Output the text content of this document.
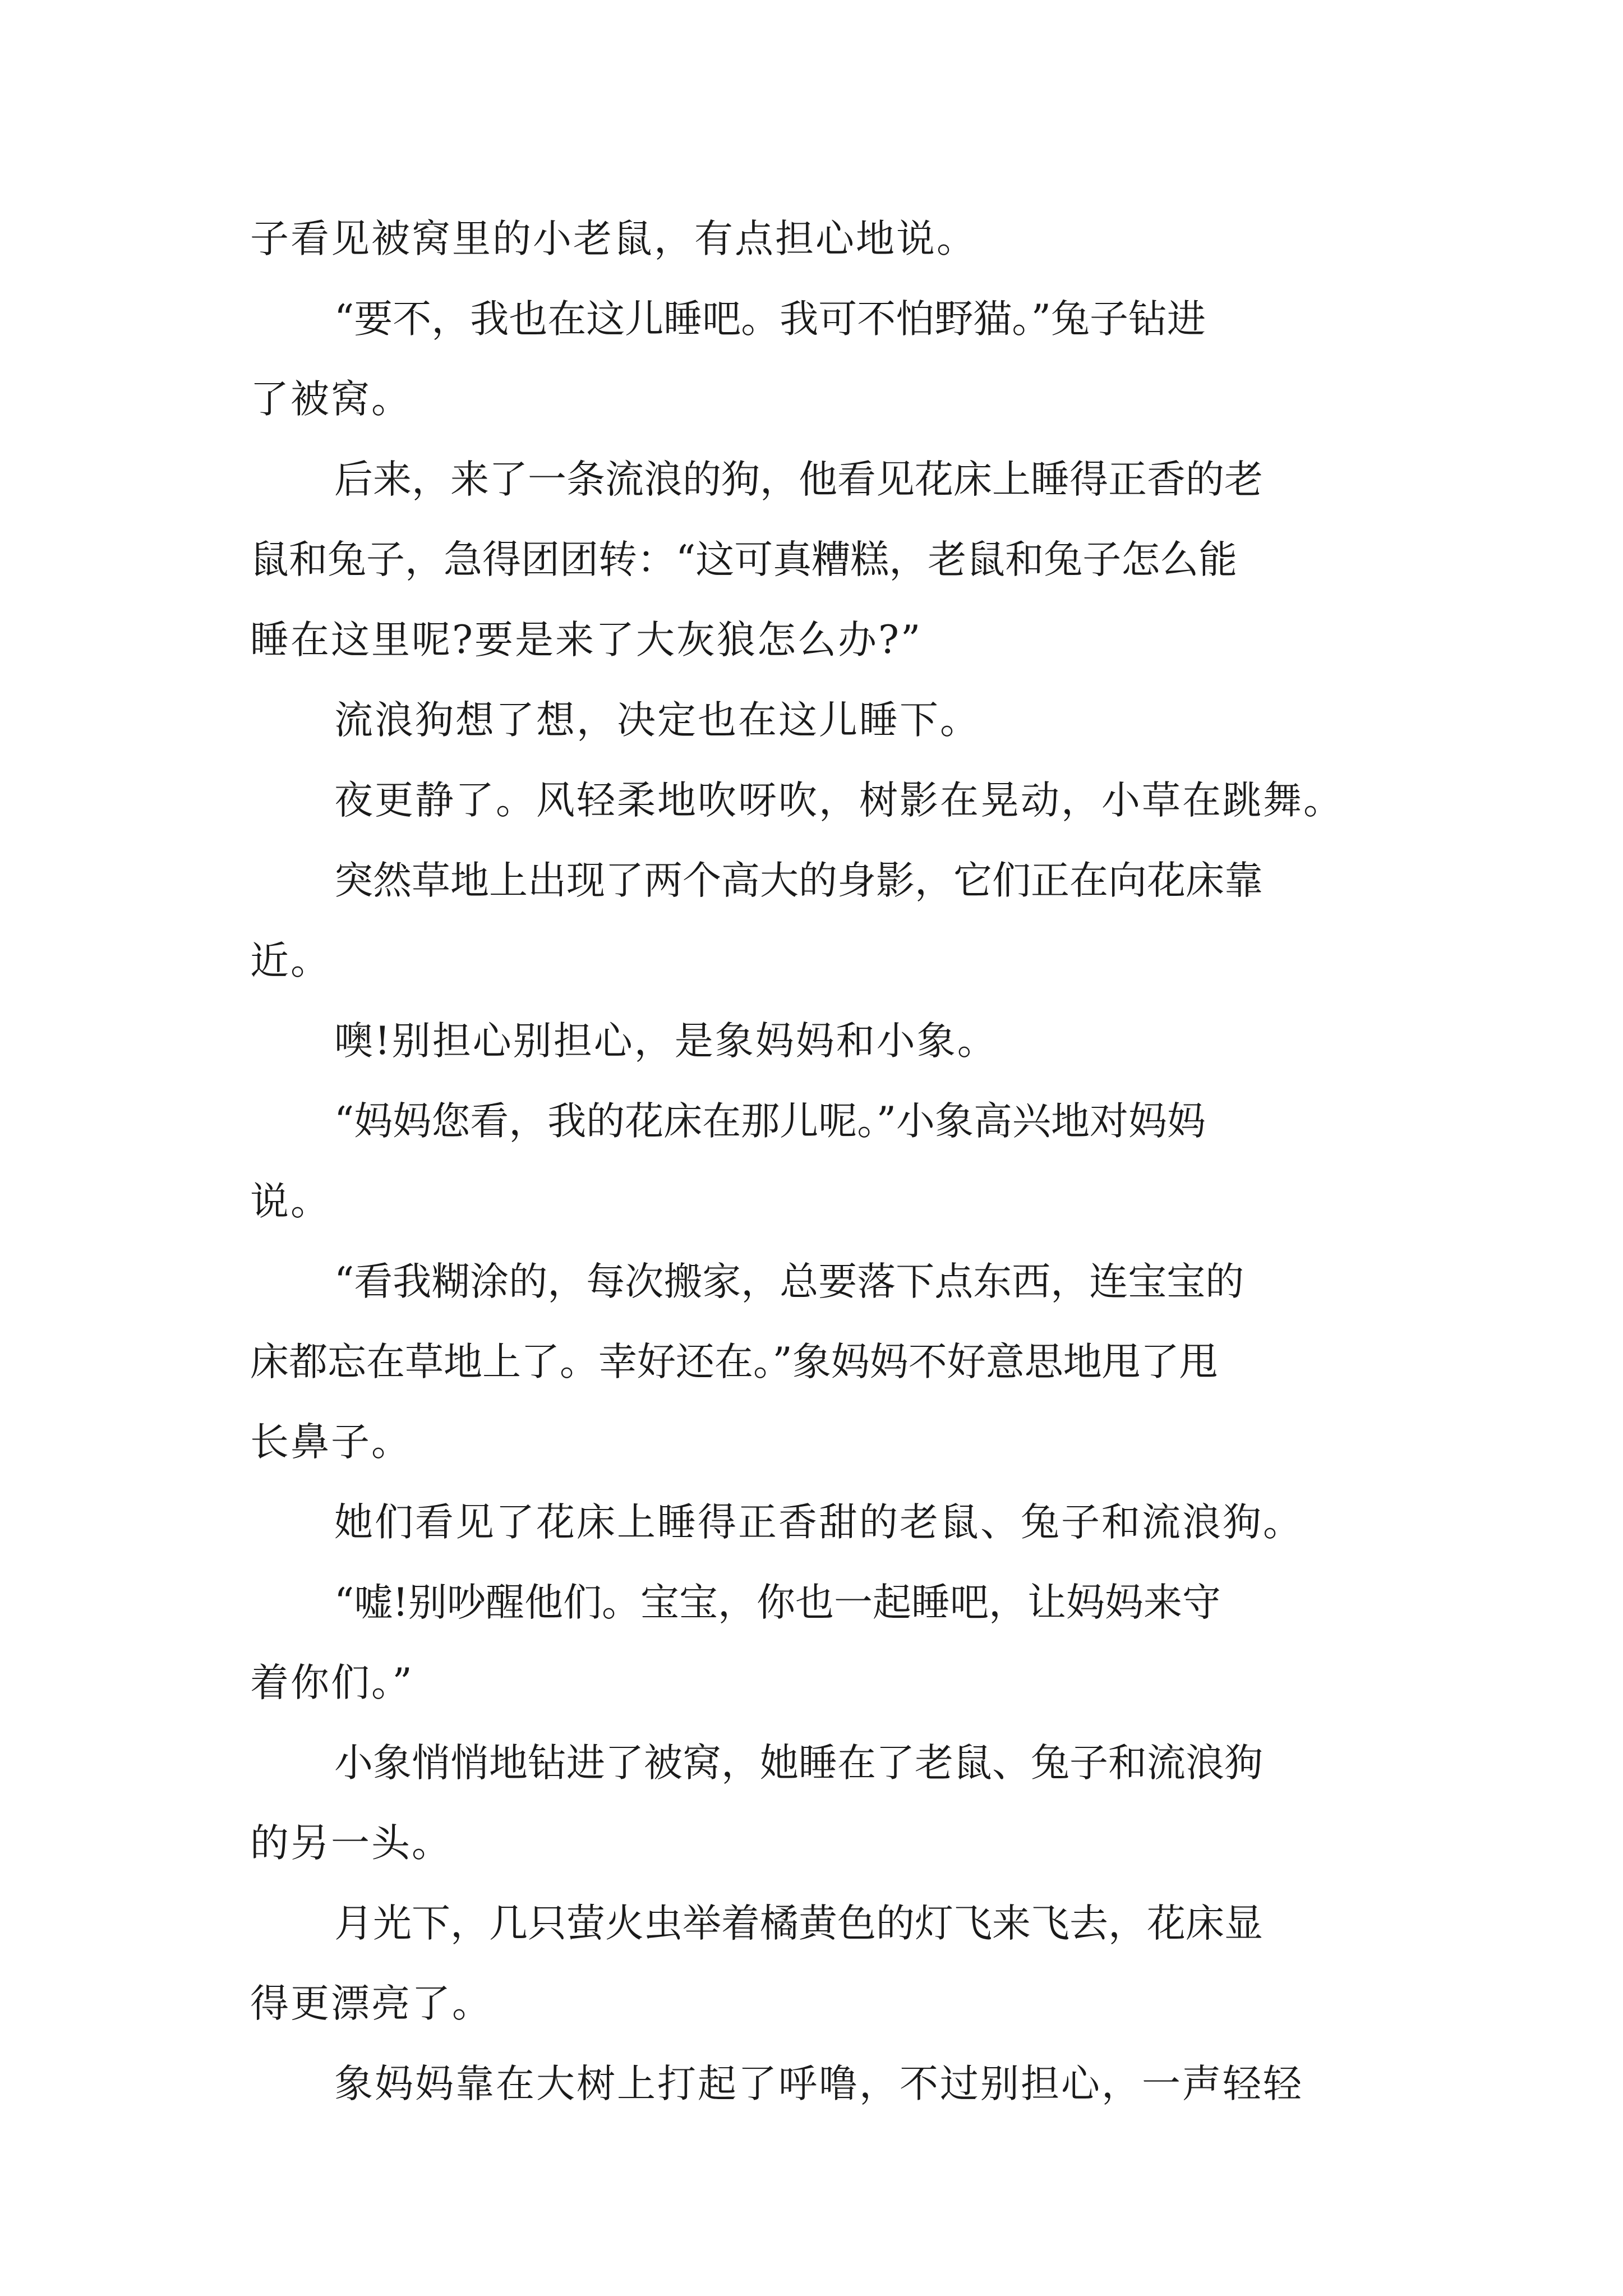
子看见被窝里的小老鼠，有点担心地说。
“要不，我也在这儿睡吧。我可不怕野猫。”兔子钻进
了被窝。
后来，来了一条流浪的狗，他看见花床上睡得正香的老
鼠和兔子，急得团团转：“这可真糟糕，老鼠和兔子怎么能
睡在这里呢?要是来了大灰狼怎么办?”
流浪狗想了想，决定也在这儿睡下。
夜更静了。风轻柔地吹呀吹，树影在晃动，小草在跳舞。
突然草地上出现了两个高大的身影，它们正在向花床靠
近。
噢!别担心别担心，是象妈妈和小象。
“妈妈您看，我的花床在那儿呢。”小象高兴地对妈妈
说。
“看我糊涂的，每次搬家，总要落下点东西，连宝宝的
床都忘在草地上了。幸好还在。”象妈妈不好意思地甩了甩
长鼻子。
她们看见了花床上睡得正香甜的老鼠、兔子和流浪狗。
“嘘!别吵醒他们。宝宝，你也一起睡吧，让妈妈来守
着你们。”
小象悄悄地钻进了被窝，她睡在了老鼠、兔子和流浪狗
的另一头。
月光下，几只萤火虫举着橘黄色的灯飞来飞去，花床显
得更漂亮了。
象妈妈靠在大树上打起了呼噜，不过别担心，一声轻轻
